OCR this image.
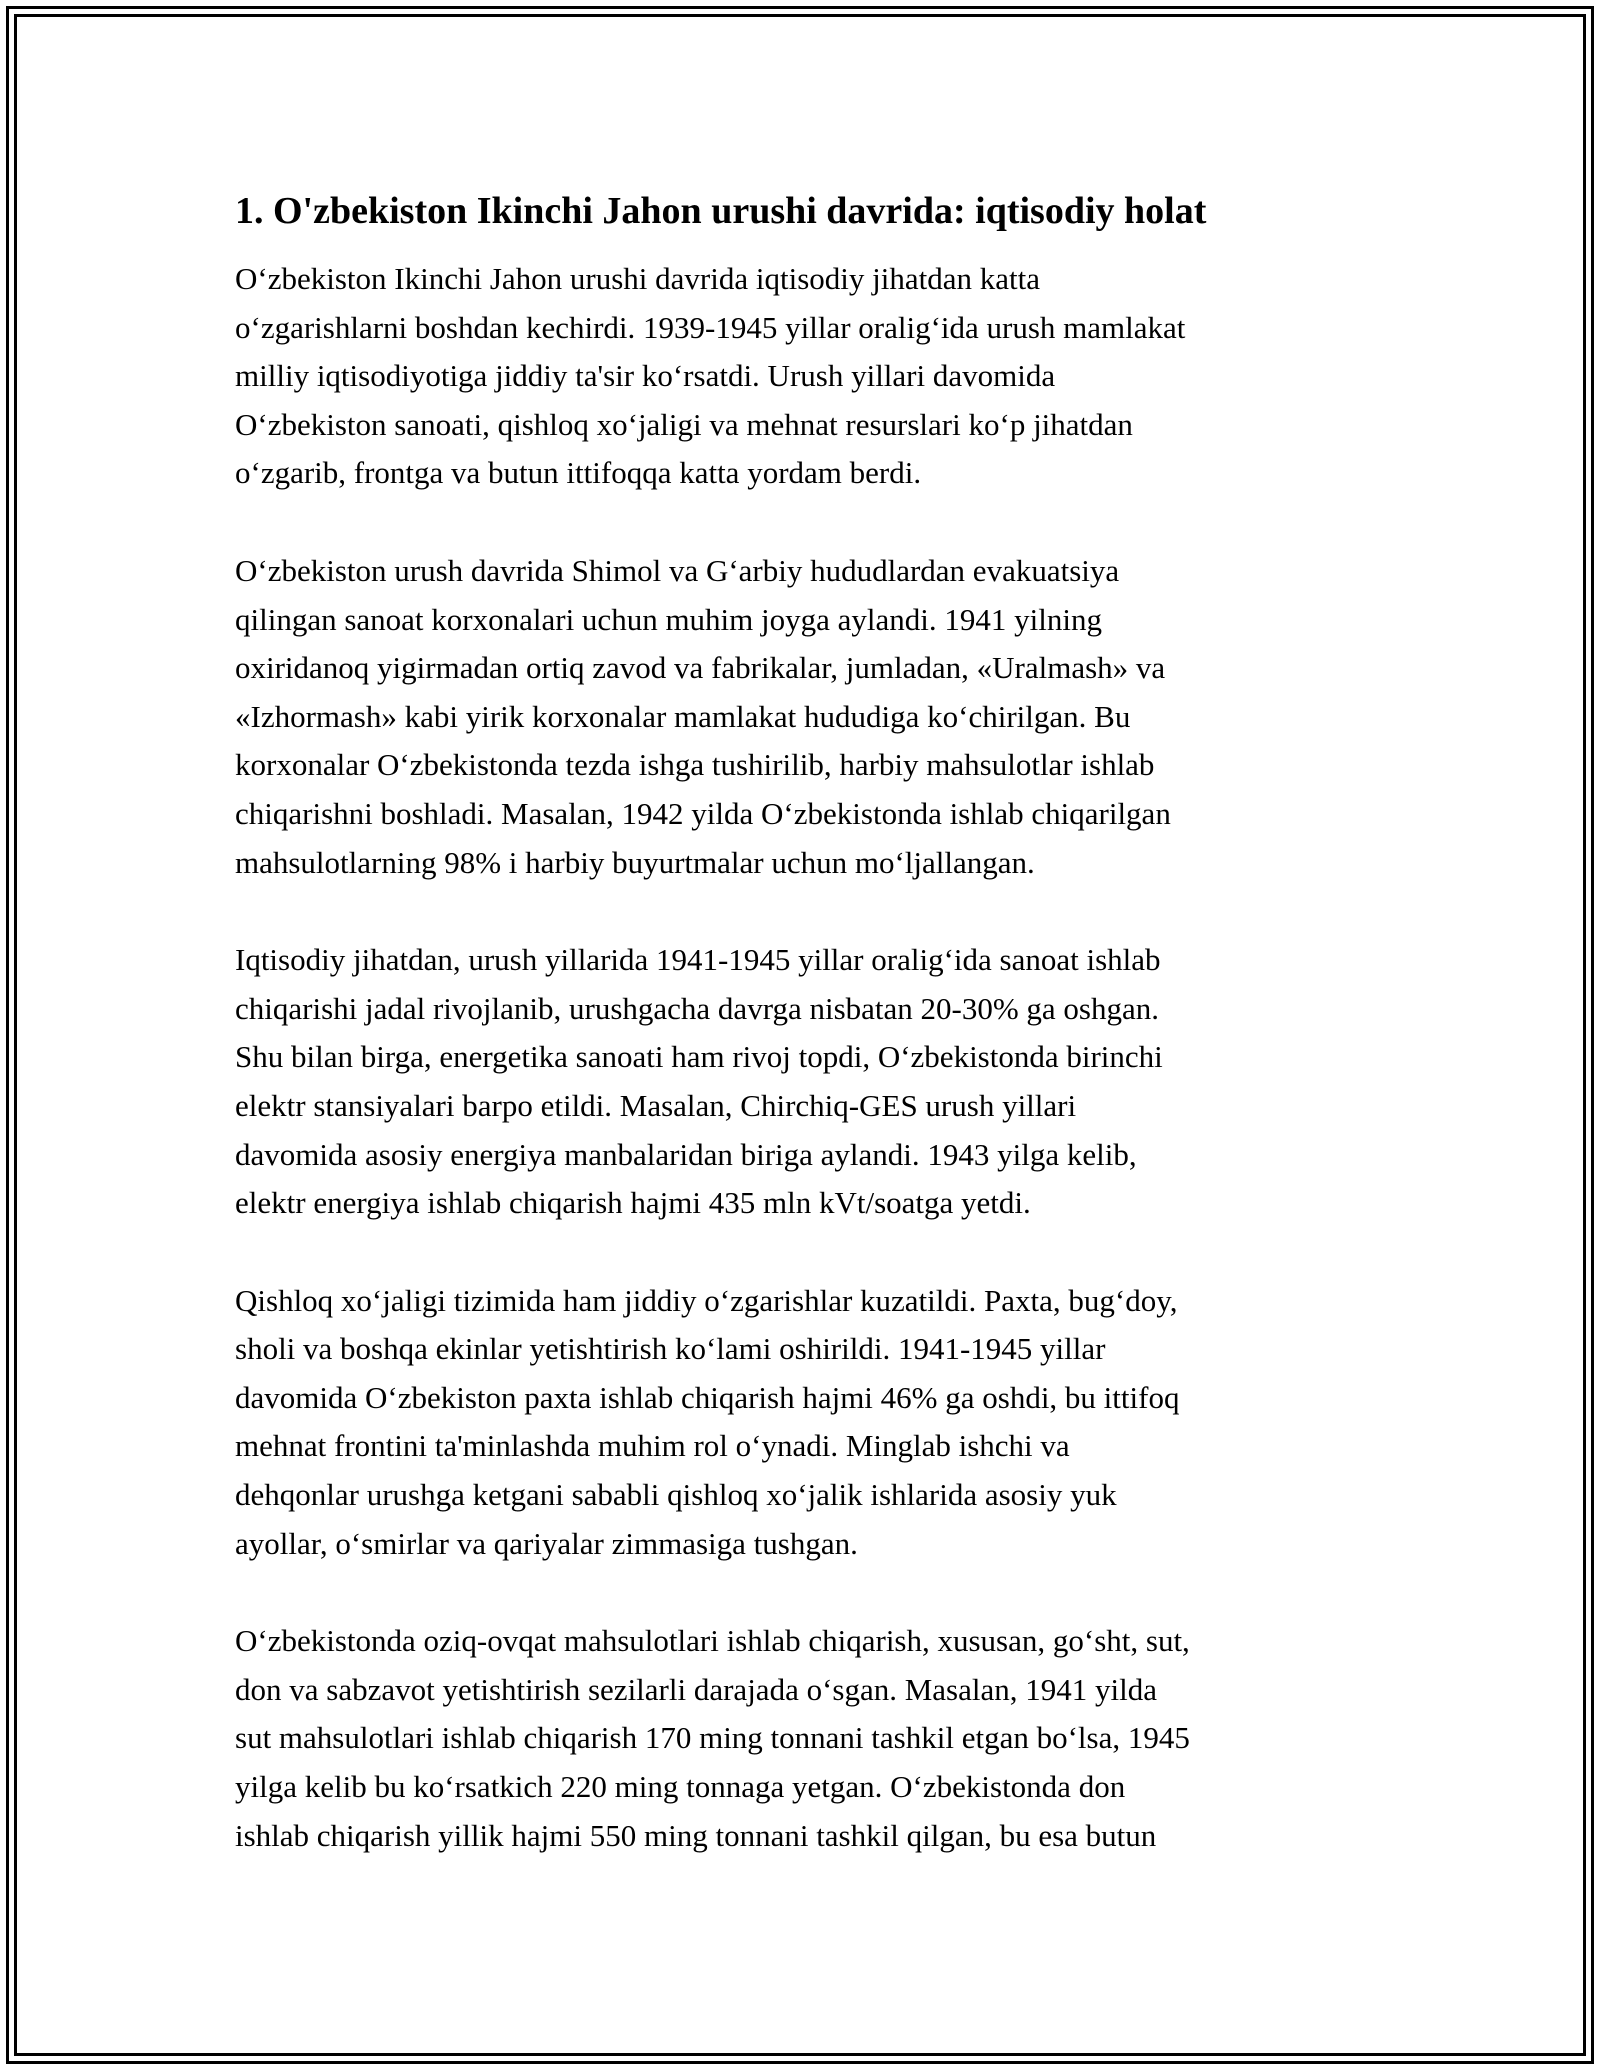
1. O'zbekiston Ikinchi Jahon urushi davrida: iqtisodiy holat

O‘zbekiston Ikinchi Jahon urushi davrida iqtisodiy jihatdan katta
o‘zgarishlarni boshdan kechirdi. 1939-1945 yillar oralig‘ida urush mamlakat
milliy iqtisodiyotiga jiddiy ta'sir ko‘rsatdi. Urush yillari davomida
O‘zbekiston sanoati, qishloq xo‘jaligi va mehnat resurslari ko‘p jihatdan
o‘zgarib, frontga va butun ittifoqqa katta yordam berdi.

O‘zbekiston urush davrida Shimol va G‘arbiy hududlardan evakuatsiya
qilingan sanoat korxonalari uchun muhim joyga aylandi. 1941 yilning
oxiridanoq yigirmadan ortiq zavod va fabrikalar, jumladan, «Uralmash» va
«Izhormash» kabi yirik korxonalar mamlakat hududiga ko‘chirilgan. Bu
korxonalar O‘zbekistonda tezda ishga tushirilib, harbiy mahsulotlar ishlab
chiqarishni boshladi. Masalan, 1942 yilda O‘zbekistonda ishlab chiqarilgan
mahsulotlarning 98% i harbiy buyurtmalar uchun mo‘ljallangan.

Iqtisodiy jihatdan, urush yillarida 1941-1945 yillar oralig‘ida sanoat ishlab
chiqarishi jadal rivojlanib, urushgacha davrga nisbatan 20-30% ga oshgan.
Shu bilan birga, energetika sanoati ham rivoj topdi, O‘zbekistonda birinchi
elektr stansiyalari barpo etildi. Masalan, Chirchiq-GES urush yillari
davomida asosiy energiya manbalaridan biriga aylandi. 1943 yilga kelib,
elektr energiya ishlab chiqarish hajmi 435 mln kVt/soatga yetdi.

Qishloq xo‘jaligi tizimida ham jiddiy o‘zgarishlar kuzatildi. Paxta, bug‘doy,
sholi va boshqa ekinlar yetishtirish ko‘lami oshirildi. 1941-1945 yillar
davomida O‘zbekiston paxta ishlab chiqarish hajmi 46% ga oshdi, bu ittifoq
mehnat frontini ta'minlashda muhim rol o‘ynadi. Minglab ishchi va
dehqonlar urushga ketgani sababli qishloq xo‘jalik ishlarida asosiy yuk
ayollar, o‘smirlar va qariyalar zimmasiga tushgan.

O‘zbekistonda oziq-ovqat mahsulotlari ishlab chiqarish, xususan, go‘sht, sut,
don va sabzavot yetishtirish sezilarli darajada o‘sgan. Masalan, 1941 yilda
sut mahsulotlari ishlab chiqarish 170 ming tonnani tashkil etgan bo‘lsa, 1945
yilga kelib bu ko‘rsatkich 220 ming tonnaga yetgan. O‘zbekistonda don
ishlab chiqarish yillik hajmi 550 ming tonnani tashkil qilgan, bu esa butun
